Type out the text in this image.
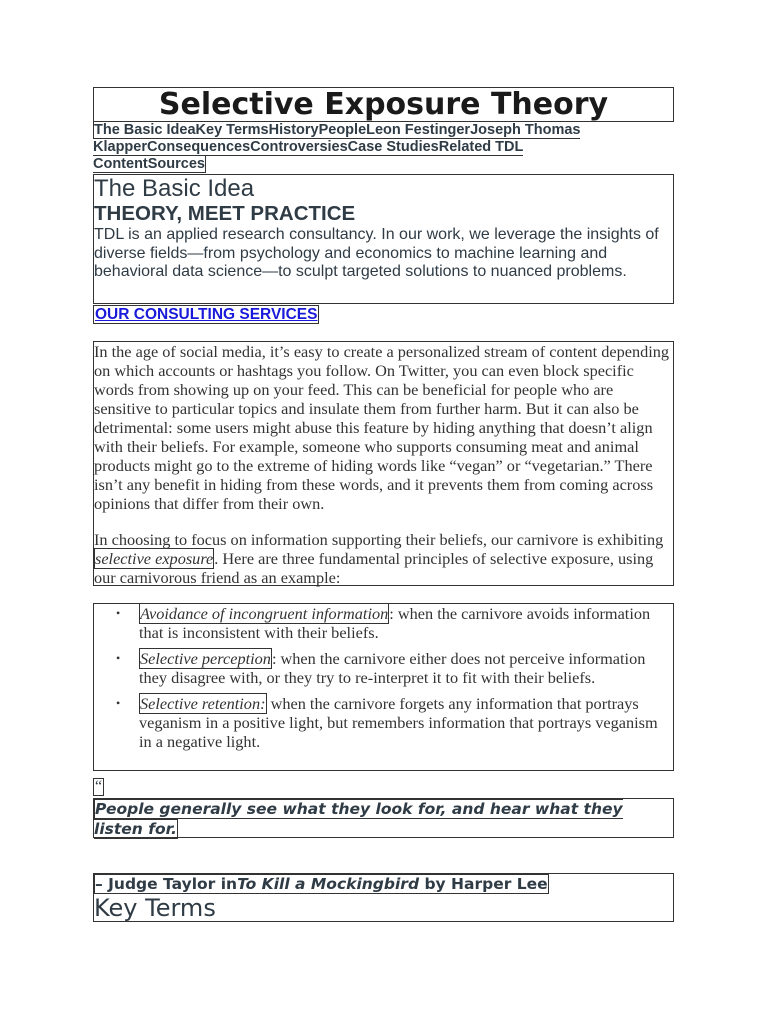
Selective Exposure Theory
The Basic IdeaKey TermsHistoryPeopleLeon FestingerJoseph Thomas KlapperConsequencesControversiesCase StudiesRelated TDL ContentSources
The Basic Idea
THEORY, MEET PRACTICE

TDL is an applied research consultancy. In our work, we leverage the insights of diverse fields—from psychology and economics to machine learning and behavioral data science—to sculpt targeted solutions to nuanced problems.

OUR CONSULTING SERVICES

In the age of social media, it’s easy to create a personalized stream of content depending on which accounts or hashtags you follow. On Twitter, you can even block specific words from showing up on your feed. This can be beneficial for people who are sensitive to particular topics and insulate them from further harm. But it can also be detrimental: some users might abuse this feature by hiding anything that doesn’t align with their beliefs. For example, someone who supports consuming meat and animal products might go to the extreme of hiding words like “vegan” or “vegetarian.” There isn’t any benefit in hiding from these words, and it prevents them from coming across opinions that differ from their own.

In choosing to focus on information supporting their beliefs, our carnivore is exhibiting selective exposure. Here are three fundamental principles of selective exposure, using our carnivorous friend as an example:

• Avoidance of incongruent information: when the carnivore avoids information that is inconsistent with their beliefs.
• Selective perception: when the carnivore either does not perceive information they disagree with, or they try to re-interpret it to fit with their beliefs.
• Selective retention: when the carnivore forgets any information that portrays veganism in a positive light, but remembers information that portrays veganism in a negative light.
“
People generally see what they look for, and hear what they listen for.
– Judge Taylor inTo Kill a Mockingbird by Harper Lee
Key Terms
